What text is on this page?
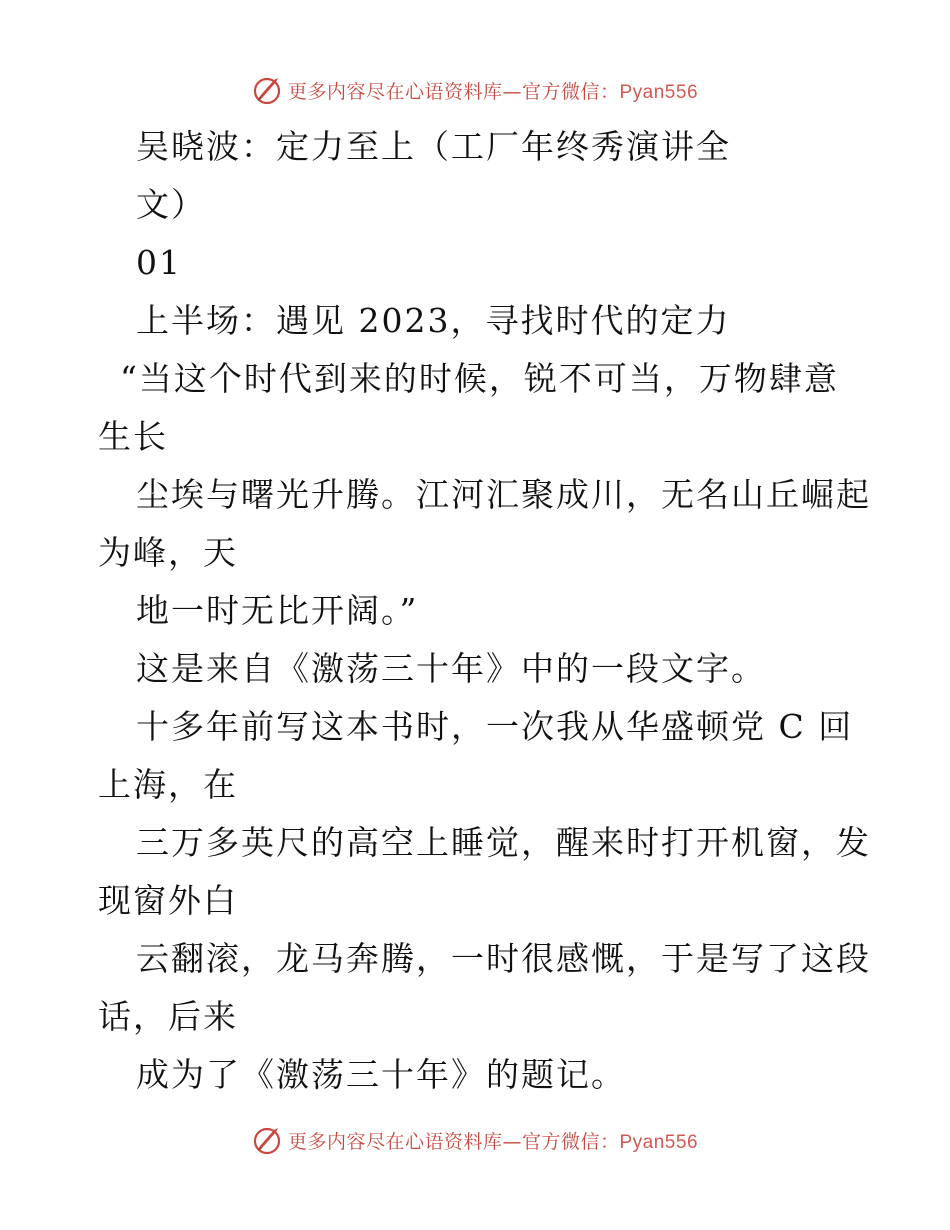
更多内容尽在心语资料库—官方微信：Pyan556
吴晓波：定力至上（工厂年终秀演讲全
文）
01
上半场：遇见 2023，寻找时代的定力
“当这个时代到来的时候，锐不可当，万物肆意
生长
尘埃与曙光升腾。江河汇聚成川，无名山丘崛起
为峰，天
地一时无比开阔。”
这是来自《激荡三十年》中的一段文字。
十多年前写这本书时，一次我从华盛顿党 C 回
上海，在
三万多英尺的高空上睡觉，醒来时打开机窗，发
现窗外白
云翻滚，龙马奔腾，一时很感慨，于是写了这段
话，后来
成为了《激荡三十年》的题记。
更多内容尽在心语资料库—官方微信：Pyan556
